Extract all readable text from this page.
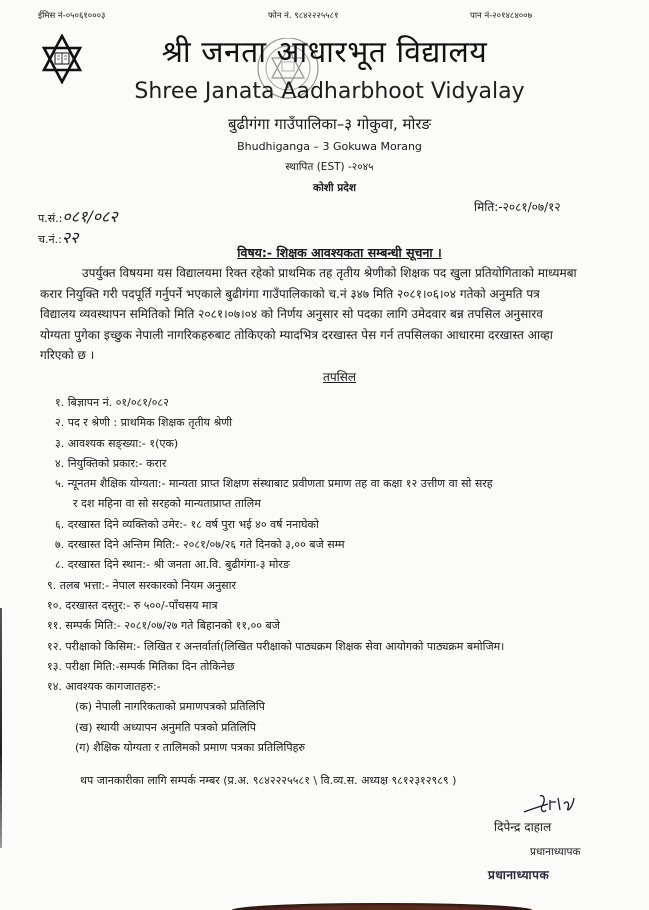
ईमिस नं-०५०६१०००३	फोन नं. ९८४२२२५५८१	पान नं-२०१४८४००७
श्री जनता आधारभूत विद्यालय
Shree Janata Aadharbhoot Vidyalay
बुढीगंगा गाउँपालिका–३ गोकुवा, मोरङ
Bhudhiganga – 3 Gokuwa Morang
स्थापित (EST) -२०४५
कोशी प्रदेश
प.सं.:०८१/०८२
च.नं.:२२
मिति:-२०८१/०७/१२
विषय:- शिक्षक आवश्यकता सम्बन्धी सूचना ।
उपर्युक्त विषयमा यस विद्यालयमा रिक्त रहेको प्राथमिक तह तृतीय श्रेणीको शिक्षक पद खुला प्रतियोगिताको माध्यमबा
करार नियुक्ति गरी पदपूर्ति गर्नुपर्ने भएकाले बुढीगंगा गाउँपालिकाको च.नं ३४७ मिति २०८१।०६।०४ गतेको अनुमति पत्र
विद्यालय व्यवस्थापन समितिको मिति २०८१।०७।०४ को निर्णय अनुसार सो पदका लागि उमेदवार बन्न तपसिल अनुसारव
योग्यता पुगेका इच्छुक नेपाली नागरिकहरुबाट तोकिएको म्यादभित्र दरखास्त पेस गर्न तपसिलका आधारमा दरखास्त आव्हा
गरिएको छ ।
तपसिल
१. बिज्ञापन नं. ०१/०८१/०८२
२. पद र श्रेणी : प्राथमिक शिक्षक तृतीय श्रेणी
३. आवश्यक सङ्ख्या:- १(एक)
४. नियुक्तिको प्रकार:- करार
५. न्यूनतम शैक्षिक योग्यता:- मान्यता प्राप्त शिक्षण संस्थाबाट प्रवीणता प्रमाण तह वा कक्षा १२ उत्तीण वा सो सरह
र दश महिना वा सो सरहको मान्यताप्राप्त तालिम
६. दरखास्त दिने व्यक्तिको उमेर:- १८ वर्ष पुरा भई ४० वर्ष ननाघेको
७. दरखास्त दिने अन्तिम मिति:- २०८१/०७/२६ गते दिनको ३,०० बजे सम्म
८. दरखास्त दिने स्थान:- श्री जनता आ.वि. बुढीगंगा-३ मोरङ
९. तलब भत्ता:- नेपाल सरकारको नियम अनुसार
१०. दरखास्त दस्तुर:- रु ५००/-पाँचसय मात्र
११. सम्पर्क मिति:- २०८१/०७/२७ गते बिहानको ११,०० बजे
१२. परीक्षाको किसिम:- लिखित र अन्तर्वार्ता(लिखित परीक्षाको पाठ्यक्रम शिक्षक सेवा आयोगको पाठ्यक्रम बमोजिम।
१३. परीक्षा मिति:-सम्पर्क मितिका दिन तोकिनेछ
१४. आवश्यक कागजातहरु:-
(क) नेपाली नागरिकताको प्रमाणपत्रको प्रतिलिपि
(ख) स्थायी अध्यापन अनुमति पत्रको प्रतिलिपि
(ग) शैक्षिक योग्यता र तालिमको प्रमाण पत्रका प्रतिलिपिहरु
थप जानकारीका लागि सम्पर्क नम्बर (प्र.अ. ९८४२२२५५८१ \ वि.व्य.स. अध्यक्ष ९८१२३१२९८९ )
दिपेन्द्र दाहाल
प्रधानाध्यापक
प्रधानाध्यापक
